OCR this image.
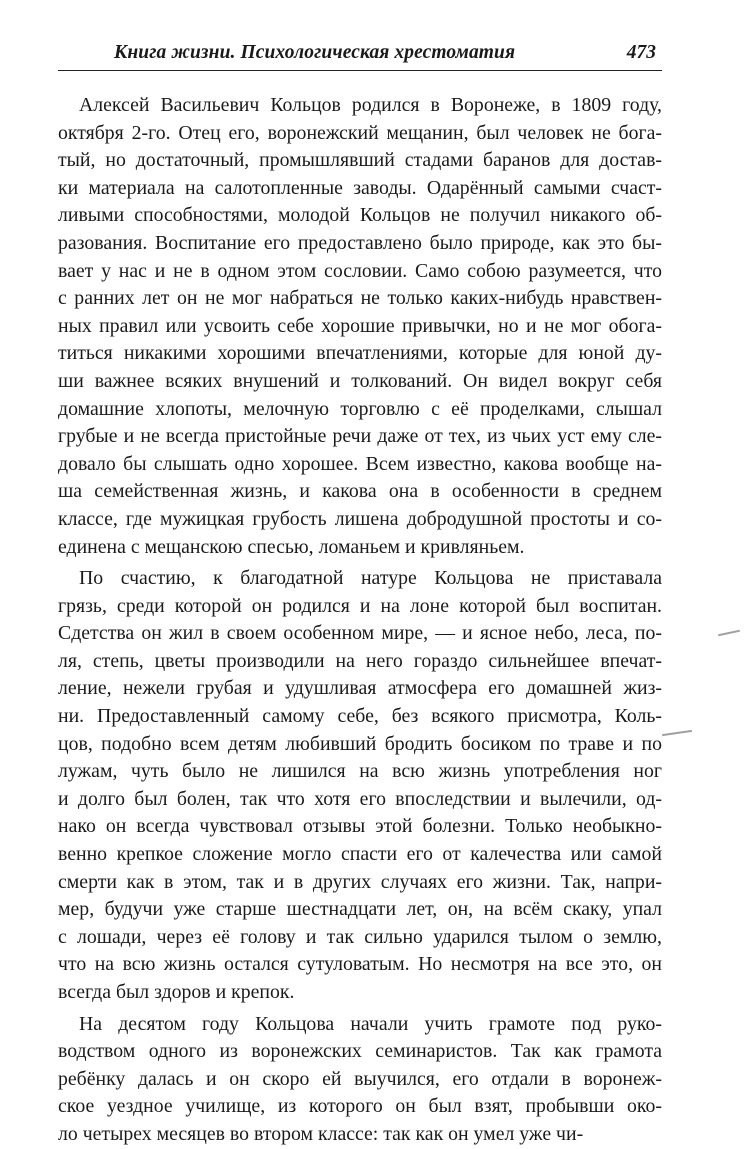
Книга жизни. Психологическая хрестоматия	473
Алексей Васильевич Кольцов родился в Воронеже, в 1809 году,
октября 2-го. Отец его, воронежский мещанин, был человек не бога-
тый, но достаточный, промышлявший стадами баранов для достав-
ки материала на салотопленные заводы. Одарённый самыми счаст-
ливыми способностями, молодой Кольцов не получил никакого об-
разования. Воспитание его предоставлено было природе, как это бы-
вает у нас и не в одном этом сословии. Само собою разумеется, что
с ранних лет он не мог набраться не только каких-нибудь нравствен-
ных правил или усвоить себе хорошие привычки, но и не мог обога-
титься никакими хорошими впечатлениями, которые для юной ду-
ши важнее всяких внушений и толкований. Он видел вокруг себя
домашние хлопоты, мелочную торговлю с её проделками, слышал
грубые и не всегда пристойные речи даже от тех, из чьих уст ему сле-
довало бы слышать одно хорошее. Всем известно, какова вообще на-
ша семейственная жизнь, и какова она в особенности в среднем
классе, где мужицкая грубость лишена добродушной простоты и со-
единена с мещанскою спесью, ломаньем и кривляньем.
По счастию, к благодатной натуре Кольцова не приставала
грязь, среди которой он родился и на лоне которой был воспитан.
Сдетства он жил в своем особенном мире, — и ясное небо, леса, по-
ля, степь, цветы производили на него гораздо сильнейшее впечат-
ление, нежели грубая и удушливая атмосфера его домашней жиз-
ни. Предоставленный самому себе, без всякого присмотра, Коль-
цов, подобно всем детям любивший бродить босиком по траве и по
лужам, чуть было не лишился на всю жизнь употребления ног
и долго был болен, так что хотя его впоследствии и вылечили, од-
нако он всегда чувствовал отзывы этой болезни. Только необыкно-
венно крепкое сложение могло спасти его от калечества или самой
смерти как в этом, так и в других случаях его жизни. Так, напри-
мер, будучи уже старше шестнадцати лет, он, на всём скаку, упал
с лошади, через её голову и так сильно ударился тылом о землю,
что на всю жизнь остался сутуловатым. Но несмотря на все это, он
всегда был здоров и крепок.
На десятом году Кольцова начали учить грамоте под руко-
водством одного из воронежских семинаристов. Так как грамота
ребёнку далась и он скоро ей выучился, его отдали в воронеж-
ское уездное училище, из которого он был взят, пробывши око-
ло четырех месяцев во втором классе: так как он умел уже чи-
